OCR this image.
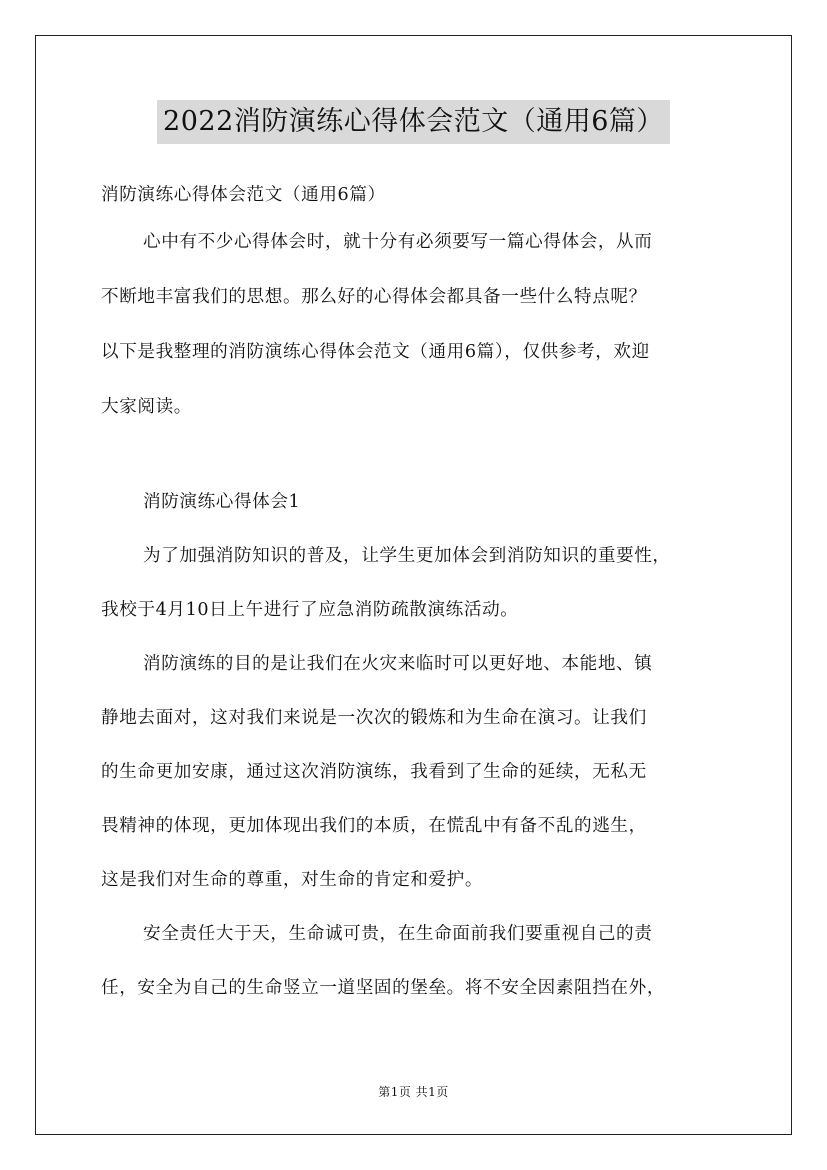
2022消防演练心得体会范文（通用6篇）
消防演练心得体会范文（通用6篇）
心中有不少心得体会时，就十分有必须要写一篇心得体会，从而
不断地丰富我们的思想。那么好的心得体会都具备一些什么特点呢？
以下是我整理的消防演练心得体会范文（通用6篇），仅供参考，欢迎
大家阅读。
消防演练心得体会1
为了加强消防知识的普及，让学生更加体会到消防知识的重要性，
我校于4月10日上午进行了应急消防疏散演练活动。
消防演练的目的是让我们在火灾来临时可以更好地、本能地、镇
静地去面对，这对我们来说是一次次的锻炼和为生命在演习。让我们
的生命更加安康，通过这次消防演练，我看到了生命的延续，无私无
畏精神的体现，更加体现出我们的本质，在慌乱中有备不乱的逃生，
这是我们对生命的尊重，对生命的肯定和爱护。
安全责任大于天，生命诚可贵，在生命面前我们要重视自己的责
任，安全为自己的生命竖立一道坚固的堡垒。将不安全因素阻挡在外，
第1页 共1页
